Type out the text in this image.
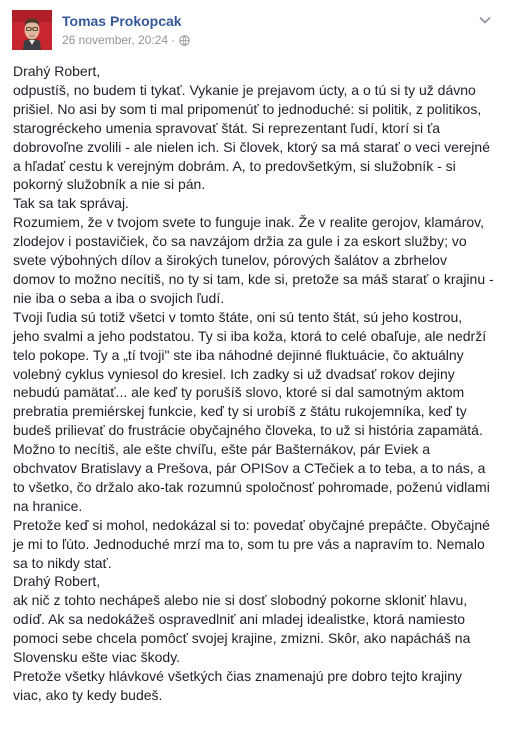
Tomas Prokopcak
26 november, 20:24 ·

Drahý Robert,

odpustíš, no budem ti tykať. Vykanie je prejavom úcty, a o tú si ty už dávno

prišiel. No asi by som ti mal pripomenúť to jednoduché: si politik, z politikos,

starogréckeho umenia spravovať štát. Si reprezentant ľudí, ktorí si ťa

dobrovoľne zvolili - ale nielen ich. Si človek, ktorý sa má starať o veci verejné

a hľadať cestu k verejným dobrám. A, to predovšetkým, si služobník - si

pokorný služobník a nie si pán.

Tak sa tak správaj.

Rozumiem, že v tvojom svete to funguje inak. Že v realite gerojov, klamárov,

zlodejov i postavičiek, čo sa navzájom držia za gule i za eskort služby; vo

svete výbohných dílov a širokých tunelov, pórových šalátov a zbrhelov

domov to možno necítiš, no ty si tam, kde si, pretože sa máš starať o krajinu -

nie iba o seba a iba o svojich ľudí.

Tvoji ľudia sú totiž všetci v tomto štáte, oni sú tento štát, sú jeho kostrou,

jeho svalmi a jeho podstatou. Ty si iba koža, ktorá to celé obaľuje, ale nedrží

telo pokope. Ty a „tí tvoji" ste iba náhodné dejinné fluktuácie, čo aktuálny

volebný cyklus vyniesol do kresiel. Ich zadky si už dvadsať rokov dejiny

nebudú pamätať... ale keď ty porušíš slovo, ktoré si dal samotným aktom

prebratia premiérskej funkcie, keď ty si urobíš z štátu rukojemníka, keď ty

budeš prilievať do frustrácie obyčajného človeka, to už si história zapamätá.

Možno to necítiš, ale ešte chvíľu, ešte pár Bašternákov, pár Eviek a

obchvatov Bratislavy a Prešova, pár OPISov a CTečiek a to teba, a to nás, a

to všetko, čo držalo ako-tak rozumnú spoločnosť pohromade, poženú vidlami

na hranice.

Pretože keď si mohol, nedokázal si to: povedať obyčajné prepáčte. Obyčajné

je mi to ľúto. Jednoduché mrzí ma to, som tu pre vás a napravím to. Nemalo

sa to nikdy stať.

Drahý Robert,

ak nič z tohto nechápeš alebo nie si dosť slobodný pokorne skloniť hlavu,

odíď. Ak sa nedokážeš ospravedlniť ani mladej idealistke, ktorá namiesto

pomoci sebe chcela pomôcť svojej krajine, zmizni. Skôr, ako napácháš na

Slovensku ešte viac škody.

Pretože všetky hlávkové všetkých čias znamenajú pre dobro tejto krajiny

viac, ako ty kedy budeš.
